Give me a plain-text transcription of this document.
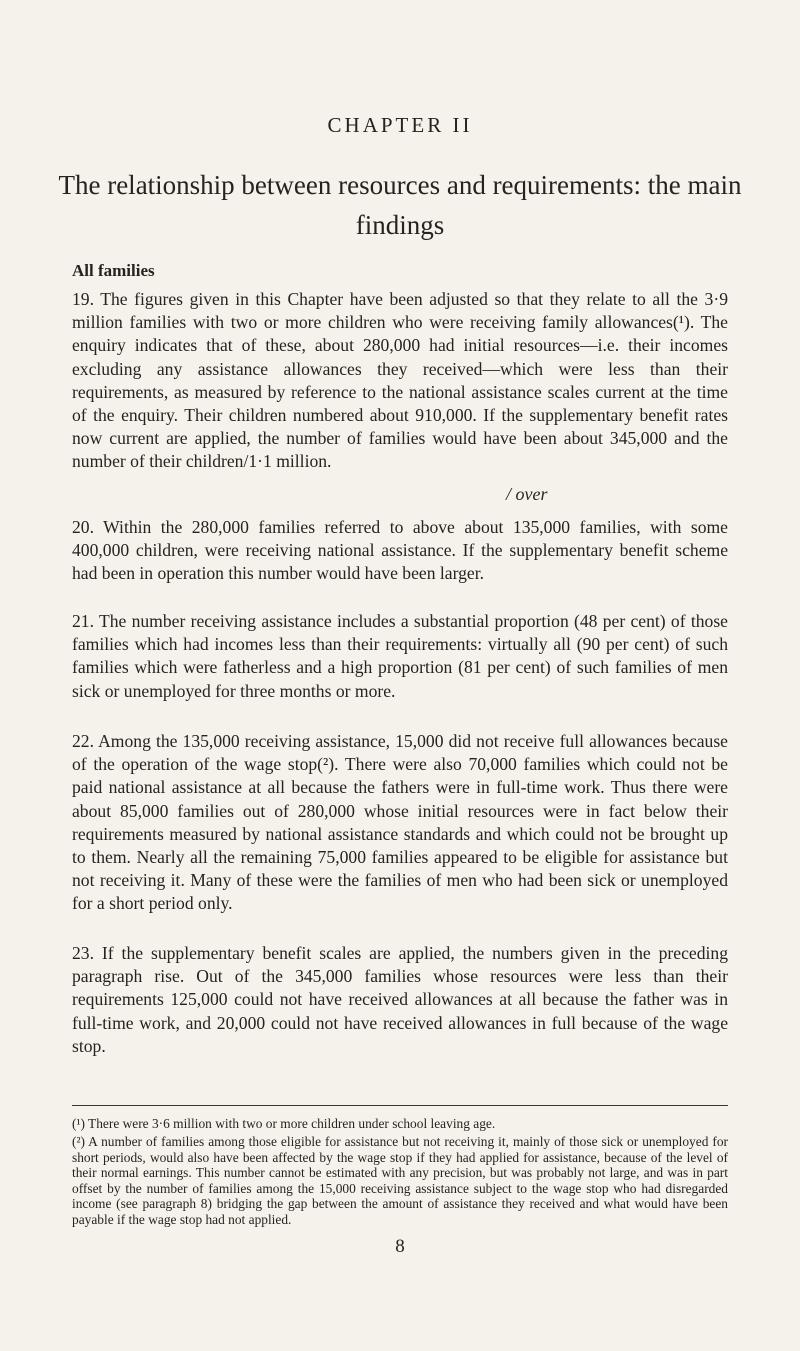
CHAPTER II
The relationship between resources and requirements: the main findings
All families

19. The figures given in this Chapter have been adjusted so that they relate to all the 3·9 million families with two or more children who were receiving family allowances(¹). The enquiry indicates that of these, about 280,000 had initial resources—i.e. their incomes excluding any assistance allowances they received—which were less than their requirements, as measured by reference to the national assistance scales current at the time of the enquiry. Their children numbered about 910,000. If the supplementary benefit rates now current are applied, the number of families would have been about 345,000 and the number of their children/1·1 million.

/ over

20. Within the 280,000 families referred to above about 135,000 families, with some 400,000 children, were receiving national assistance. If the supplementary benefit scheme had been in operation this number would have been larger.

21. The number receiving assistance includes a substantial proportion (48 per cent) of those families which had incomes less than their requirements: virtually all (90 per cent) of such families which were fatherless and a high proportion (81 per cent) of such families of men sick or unemployed for three months or more.

22. Among the 135,000 receiving assistance, 15,000 did not receive full allowances because of the operation of the wage stop(²). There were also 70,000 families which could not be paid national assistance at all because the fathers were in full-time work. Thus there were about 85,000 families out of 280,000 whose initial resources were in fact below their requirements measured by national assistance standards and which could not be brought up to them. Nearly all the remaining 75,000 families appeared to be eligible for assistance but not receiving it. Many of these were the families of men who had been sick or unemployed for a short period only.

23. If the supplementary benefit scales are applied, the numbers given in the preceding paragraph rise. Out of the 345,000 families whose resources were less than their requirements 125,000 could not have received allowances at all because the father was in full-time work, and 20,000 could not have received allowances in full because of the wage stop.

(¹) There were 3·6 million with two or more children under school leaving age.

(²) A number of families among those eligible for assistance but not receiving it, mainly of those sick or unemployed for short periods, would also have been affected by the wage stop if they had applied for assistance, because of the level of their normal earnings. This number cannot be estimated with any precision, but was probably not large, and was in part offset by the number of families among the 15,000 receiving assistance subject to the wage stop who had disregarded income (see paragraph 8) bridging the gap between the amount of assistance they received and what would have been payable if the wage stop had not applied.

8
